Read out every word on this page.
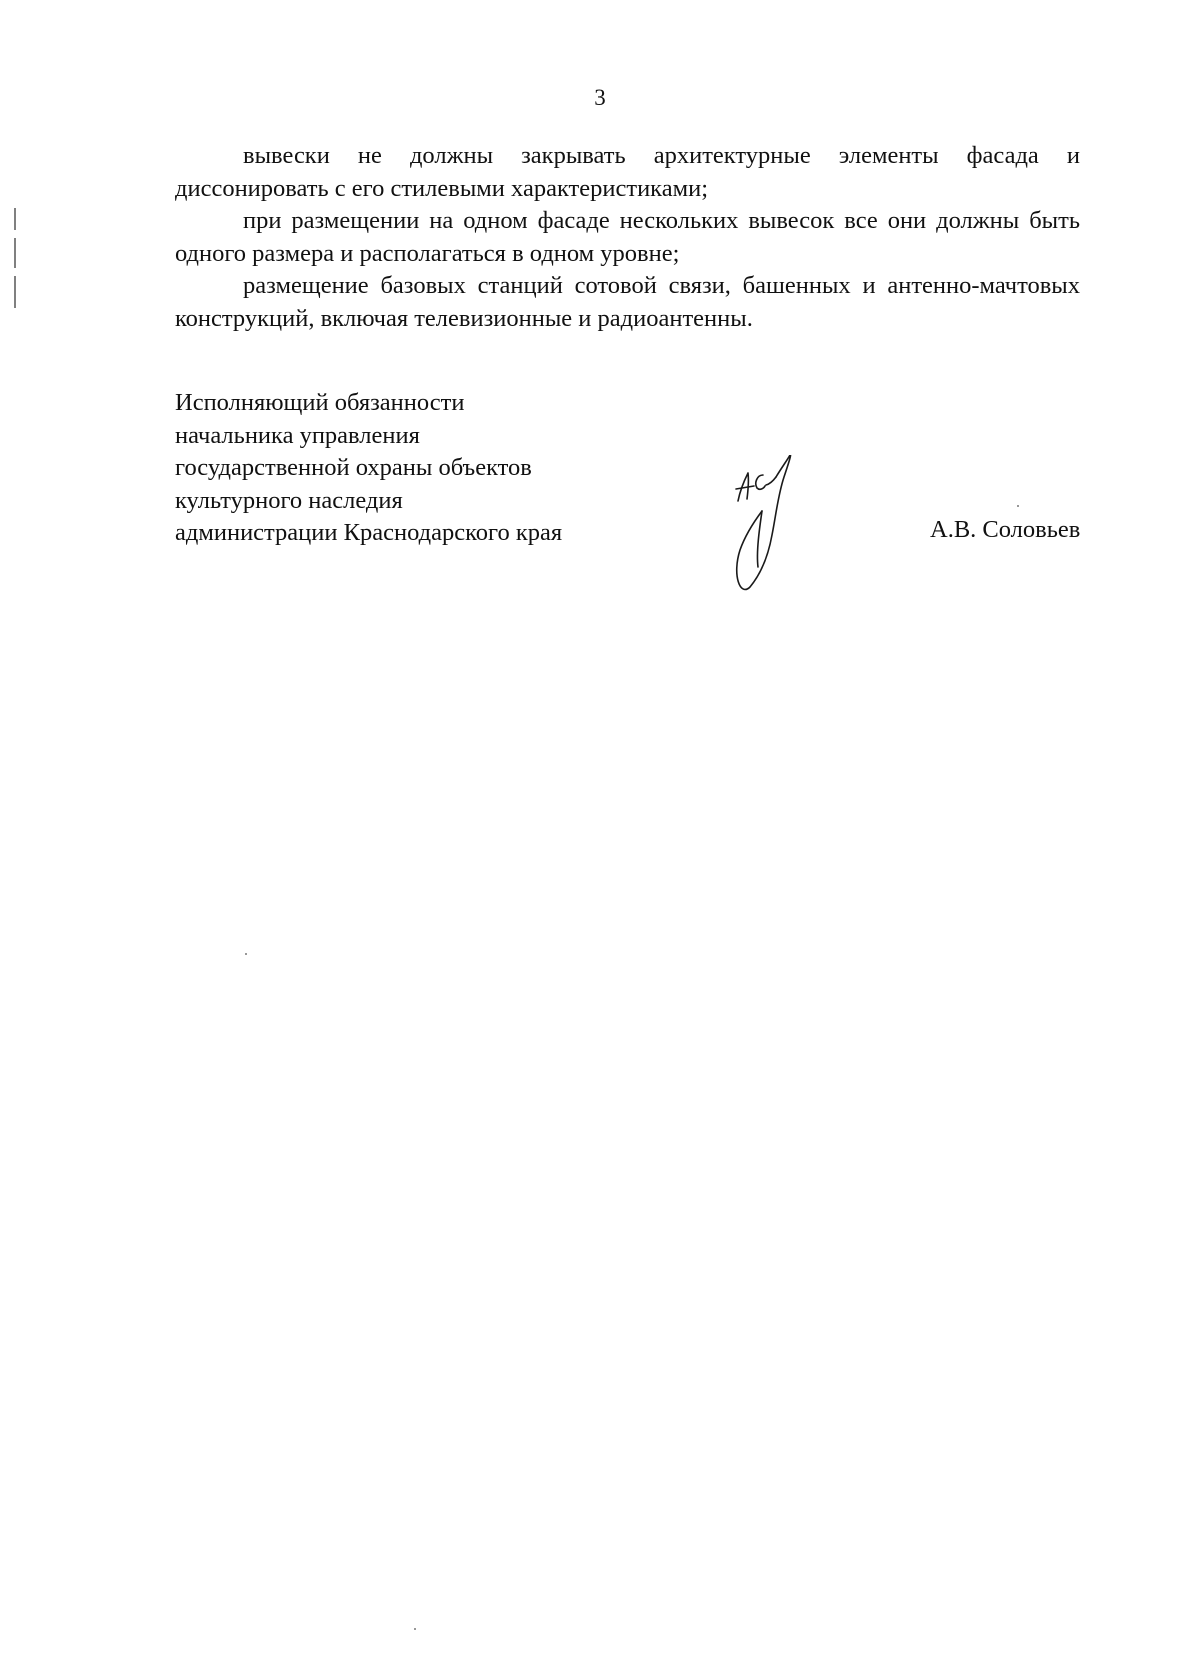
3

вывески не должны закрывать архитектурные элементы фасада и диссонировать с его стилевыми характеристиками;

при размещении на одном фасаде нескольких вывесок все они должны быть одного размера и располагаться в одном уровне;

размещение базовых станций сотовой связи, башенных и антенно-мачтовых конструкций, включая телевизионные и радиоантенны.

Исполняющий обязанности
начальника управления
государственной охраны объектов
культурного наследия
администрации Краснодарского края	А.В. Соловьев
